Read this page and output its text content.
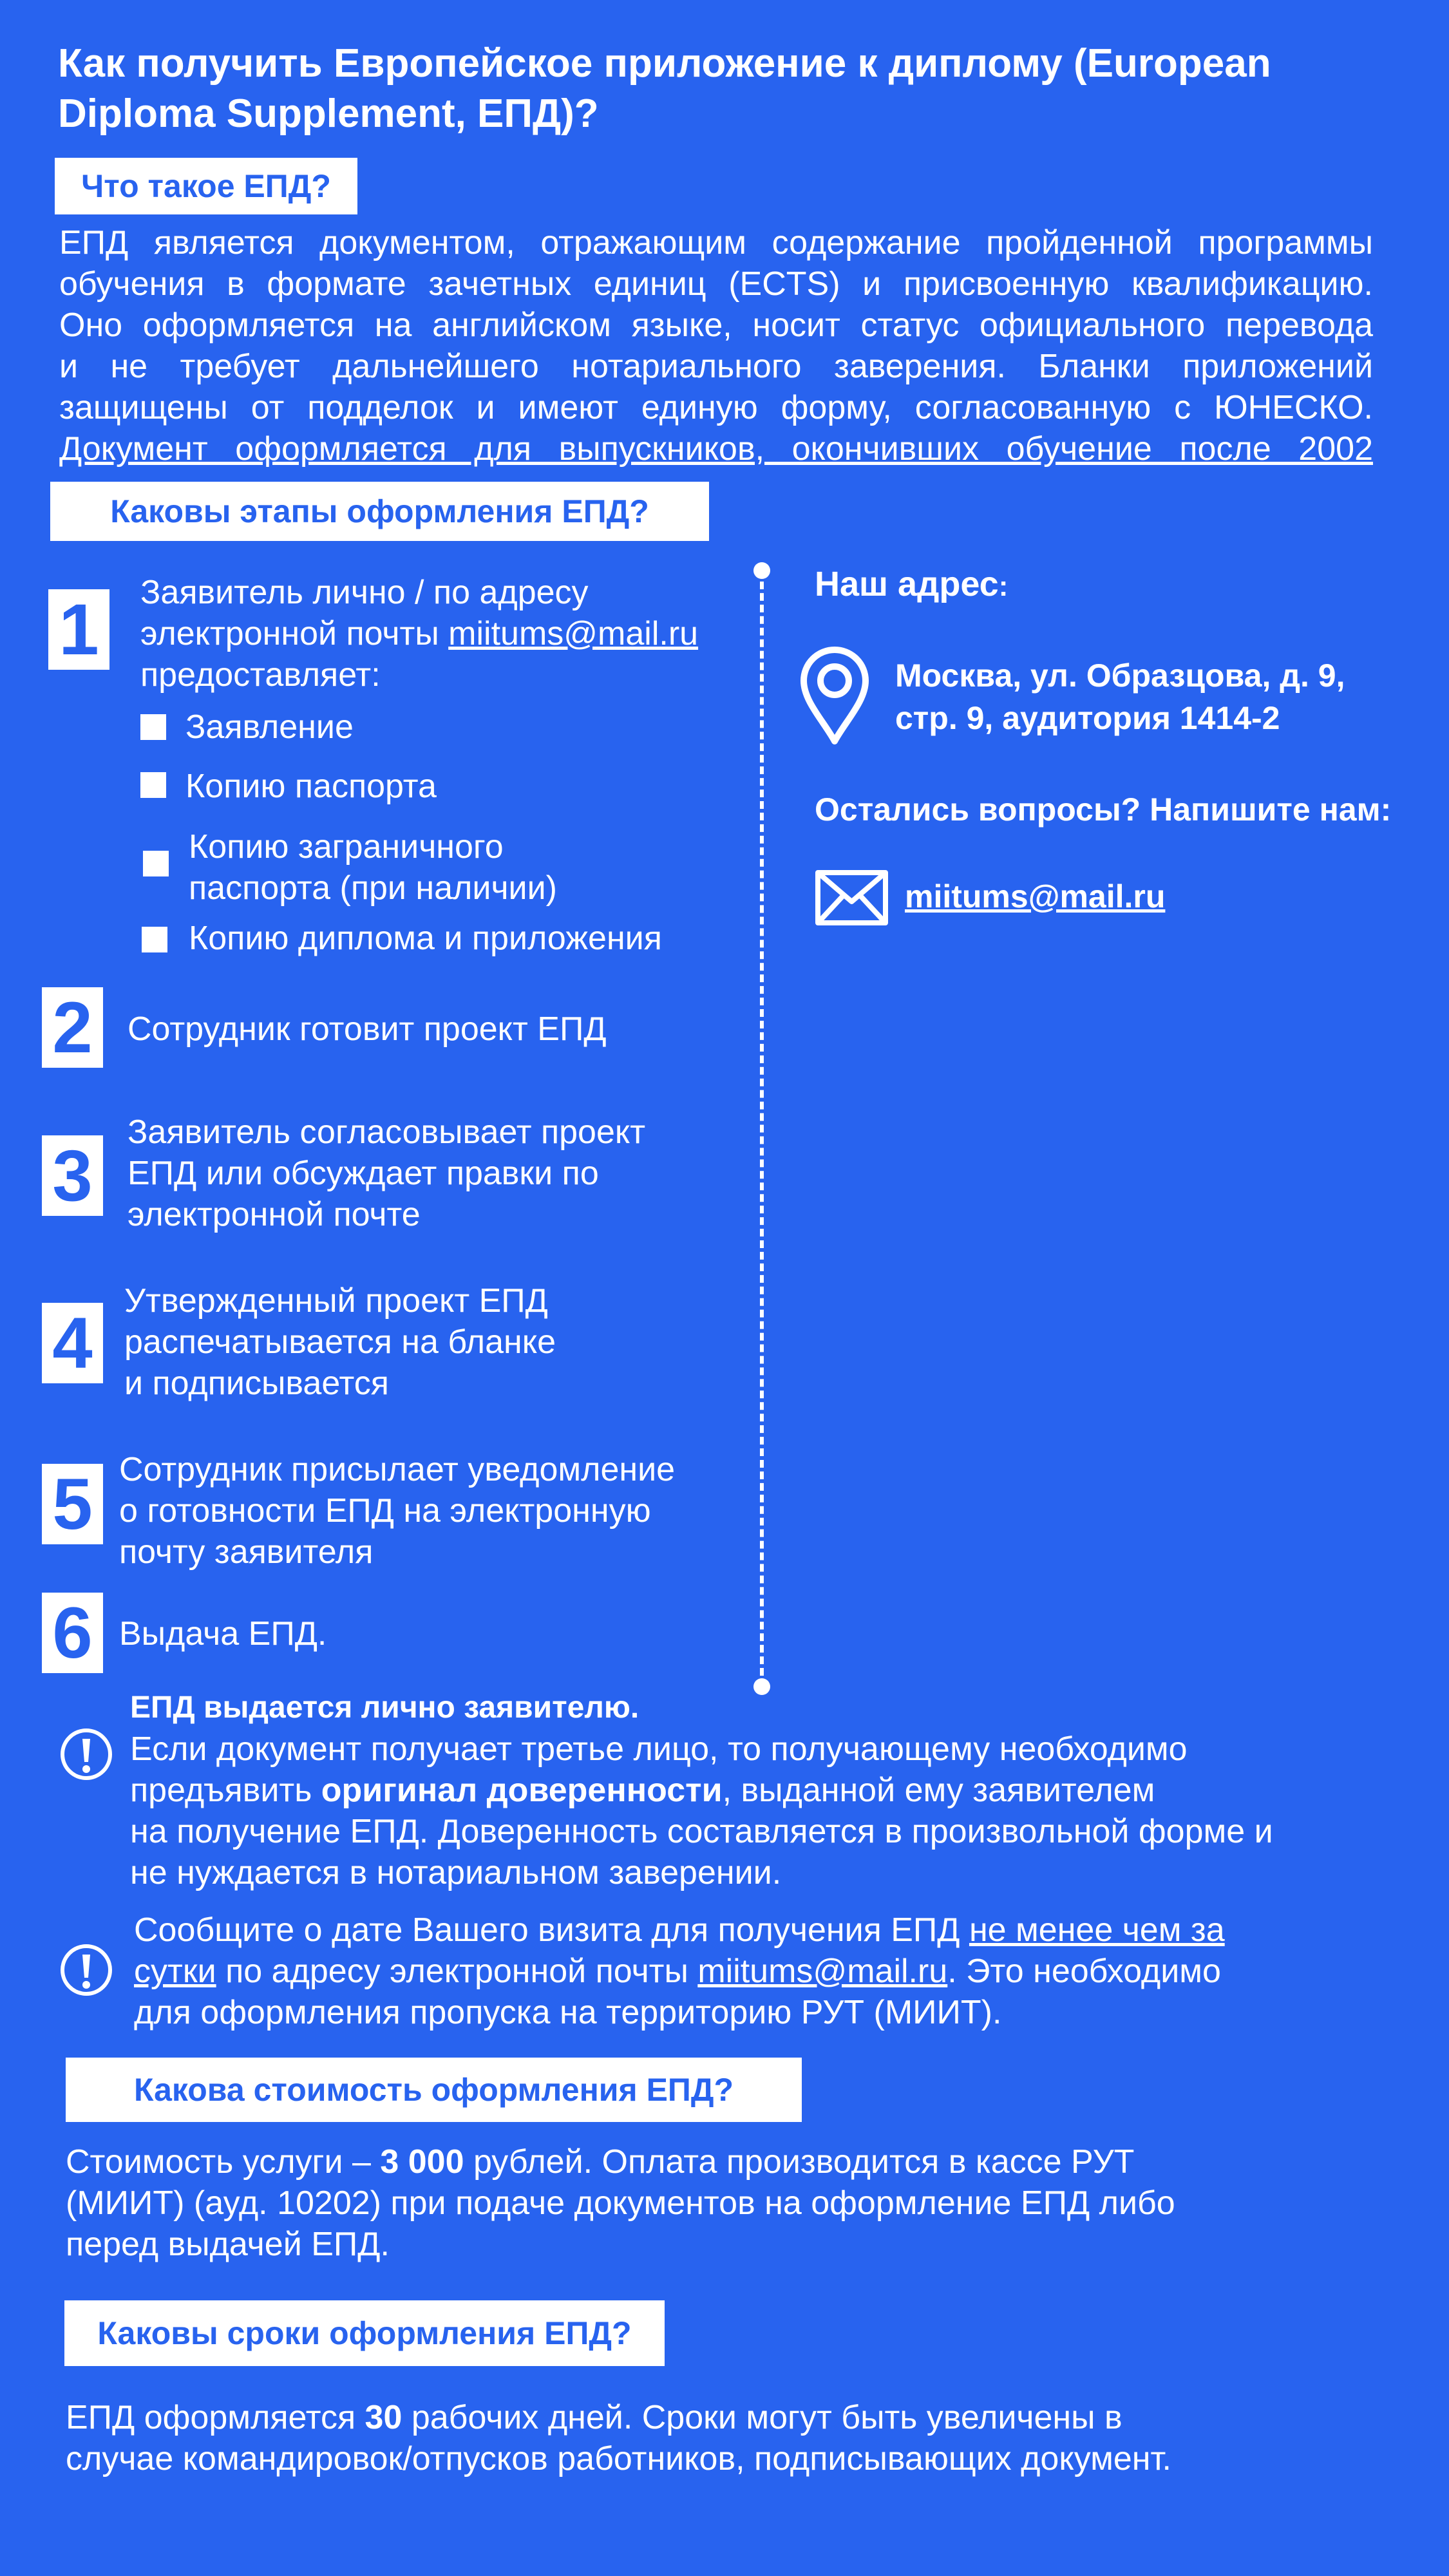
Как получить Европейское приложение к диплому (European Diploma Supplement, ЕПД)?
Что такое ЕПД?
ЕПД является документом, отражающим содержание пройденной программы
обучения в формате зачетных единиц (ECTS) и присвоенную квалификацию.
Оно оформляется на английском языке, носит статус официального перевода
и не требует дальнейшего нотариального заверения. Бланки приложений
защищены от подделок и имеют единую форму, согласованную с ЮНЕСКО.
Документ оформляется для выпускников, окончивших обучение после 2002
Каковы этапы оформления ЕПД?
1	Заявитель лично / по адресу
электронной почты miitums@mail.ru
предоставляет:
Заявление
Копию паспорта
Копию заграничного
паспорта (при наличии)
Копию диплома и приложения
2	Сотрудник готовит проект ЕПД
3
Заявитель согласовывает проект
ЕПД или обсуждает правки по
электронной почте
4
Утвержденный проект ЕПД
распечатывается на бланке
и подписывается
5 Сотрудник присылает уведомление
о готовности ЕПД на электронную
почту заявителя
6 Выдача ЕПД.
Наш адрес:
Москва, ул. Образцова, д. 9,
стр. 9, аудитория 1414-2
Остались вопросы? Напишите нам:
miitums@mail.ru
ЕПД выдается лично заявителю.
Если документ получает третье лицо, то получающему необходимо
предъявить оригинал доверенности, выданной ему заявителем
на получение ЕПД. Доверенность составляется в произвольной форме и
не нуждается в нотариальном заверении.
Сообщите о дате Вашего визита для получения ЕПД не менее чем за
сутки по адресу электронной почты miitums@mail.ru. Это необходимо
для оформления пропуска на территорию РУТ (МИИТ).
Какова стоимость оформления ЕПД?
Стоимость услуги – 3 000 рублей. Оплата производится в кассе РУТ
(МИИТ) (ауд. 10202) при подаче документов на оформление ЕПД либо
перед выдачей ЕПД.
Каковы сроки оформления ЕПД?
ЕПД оформляется 30 рабочих дней. Сроки могут быть увеличены в
случае командировок/отпусков работников, подписывающих документ.
